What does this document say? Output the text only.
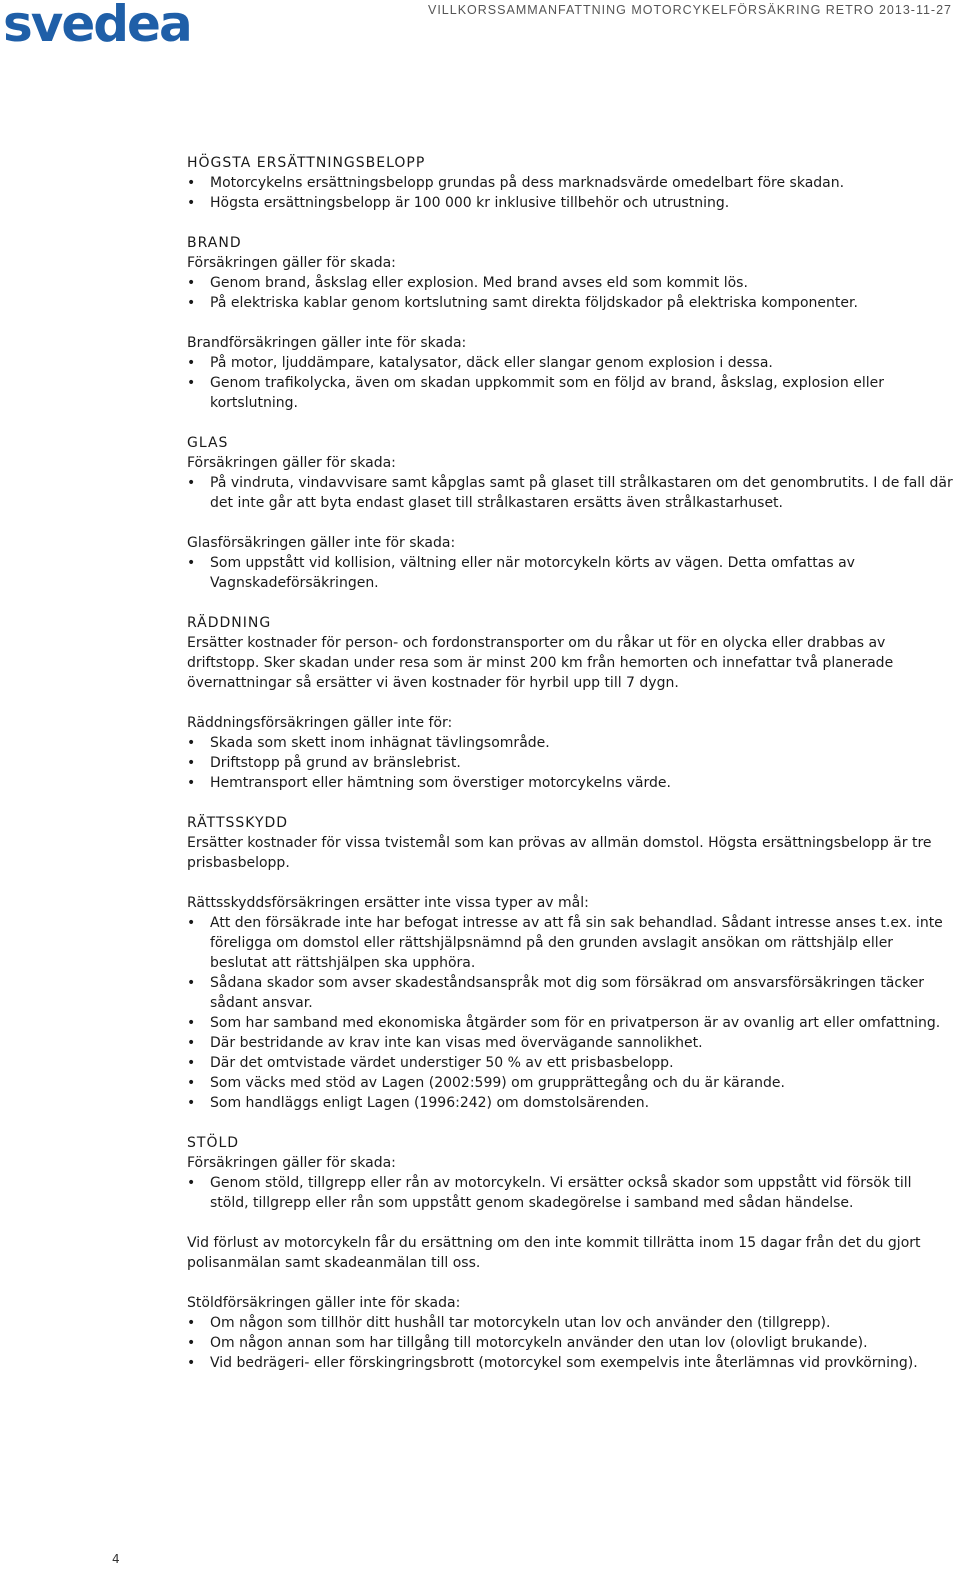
svedea	VILLKORSSAMMANFATTNING MOTORCYKELFÖRSÄKRING RETRO 2013-11-27
HÖGSTA ERSÄTTNINGSBELOPP
• Motorcykelns ersättningsbelopp grundas på dess marknadsvärde omedelbart före skadan.
• Högsta ersättningsbelopp är 100 000 kr inklusive tillbehör och utrustning.
BRAND
Försäkringen gäller för skada:
• Genom brand, åskslag eller explosion. Med brand avses eld som kommit lös.
• På elektriska kablar genom kortslutning samt direkta följdskador på elektriska komponenter.
Brandförsäkringen gäller inte för skada:
• På motor, ljuddämpare, katalysator, däck eller slangar genom explosion i dessa.
• Genom trafikolycka, även om skadan uppkommit som en följd av brand, åskslag, explosion eller kortslutning.
GLAS
Försäkringen gäller för skada:
• På vindruta, vindavvisare samt kåpglas samt på glaset till strålkastaren om det genombrutits. I de fall där det inte går att byta endast glaset till strålkastaren ersätts även strålkastarhuset.
Glasförsäkringen gäller inte för skada:
• Som uppstått vid kollision, vältning eller när motorcykeln körts av vägen. Detta omfattas av Vagnskadeförsäkringen.
RÄDDNING
Ersätter kostnader för person- och fordonstransporter om du råkar ut för en olycka eller drabbas av driftstopp. Sker skadan under resa som är minst 200 km från hemorten och innefattar två planerade övernattningar så ersätter vi även kostnader för hyrbil upp till 7 dygn.
Räddningsförsäkringen gäller inte för:
• Skada som skett inom inhägnat tävlingsområde.
• Driftstopp på grund av bränslebrist.
• Hemtransport eller hämtning som överstiger motorcykelns värde.
RÄTTSSKYDD
Ersätter kostnader för vissa tvistemål som kan prövas av allmän domstol. Högsta ersättningsbelopp är tre prisbasbelopp.
Rättsskyddsförsäkringen ersätter inte vissa typer av mål:
• Att den försäkrade inte har befogat intresse av att få sin sak behandlad. Sådant intresse anses t.ex. inte föreligga om domstol eller rättshjälpsnämnd på den grunden avslagit ansökan om rättshjälp eller beslutat att rättshjälpen ska upphöra.
• Sådana skador som avser skadeståndsanspråk mot dig som försäkrad om ansvarsförsäkringen täcker sådant ansvar.
• Som har samband med ekonomiska åtgärder som för en privatperson är av ovanlig art eller omfattning.
• Där bestridande av krav inte kan visas med övervägande sannolikhet.
• Där det omtvistade värdet understiger 50 % av ett prisbasbelopp.
• Som väcks med stöd av Lagen (2002:599) om grupprättegång och du är kärande.
• Som handläggs enligt Lagen (1996:242) om domstolsärenden.
STÖLD
Försäkringen gäller för skada:
• Genom stöld, tillgrepp eller rån av motorcykeln. Vi ersätter också skador som uppstått vid försök till stöld, tillgrepp eller rån som uppstått genom skadegörelse i samband med sådan händelse.
Vid förlust av motorcykeln får du ersättning om den inte kommit tillrätta inom 15 dagar från det du gjort polisanmälan samt skadeanmälan till oss.
Stöldförsäkringen gäller inte för skada:
• Om någon som tillhör ditt hushåll tar motorcykeln utan lov och använder den (tillgrepp).
• Om någon annan som har tillgång till motorcykeln använder den utan lov (olovligt brukande).
• Vid bedrägeri- eller förskingringsbrott (motorcykel som exempelvis inte återlämnas vid provkörning).
4
